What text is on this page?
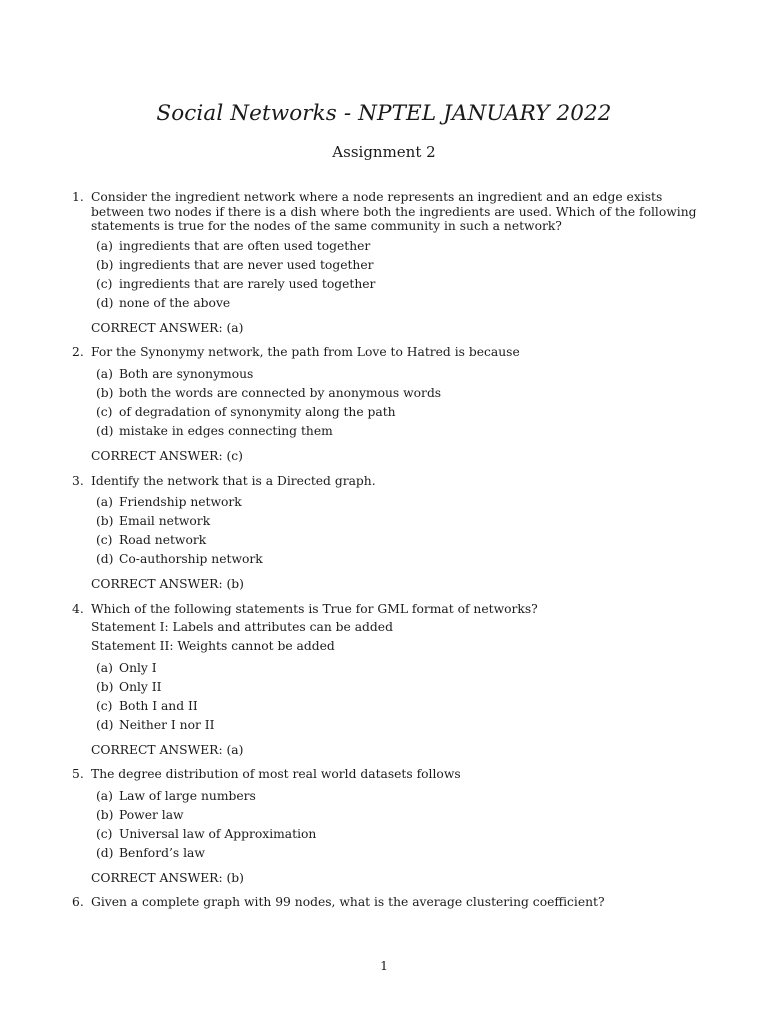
Social Networks - NPTEL JANUARY 2022
Assignment 2
1. Consider the ingredient network where a node represents an ingredient and an edge exists between two nodes if there is a dish where both the ingredients are used. Which of the following statements is true for the nodes of the same community in such a network?
(a) ingredients that are often used together
(b) ingredients that are never used together
(c) ingredients that are rarely used together
(d) none of the above
CORRECT ANSWER: (a)
2. For the Synonymy network, the path from Love to Hatred is because
(a) Both are synonymous
(b) both the words are connected by anonymous words
(c) of degradation of synonymity along the path
(d) mistake in edges connecting them
CORRECT ANSWER: (c)
3. Identify the network that is a Directed graph.
(a) Friendship network
(b) Email network
(c) Road network
(d) Co-authorship network
CORRECT ANSWER: (b)
4. Which of the following statements is True for GML format of networks?
Statement I: Labels and attributes can be added
Statement II: Weights cannot be added
(a) Only I
(b) Only II
(c) Both I and II
(d) Neither I nor II
CORRECT ANSWER: (a)
5. The degree distribution of most real world datasets follows
(a) Law of large numbers
(b) Power law
(c) Universal law of Approximation
(d) Benford’s law
CORRECT ANSWER: (b)
6. Given a complete graph with 99 nodes, what is the average clustering coefficient?
1
